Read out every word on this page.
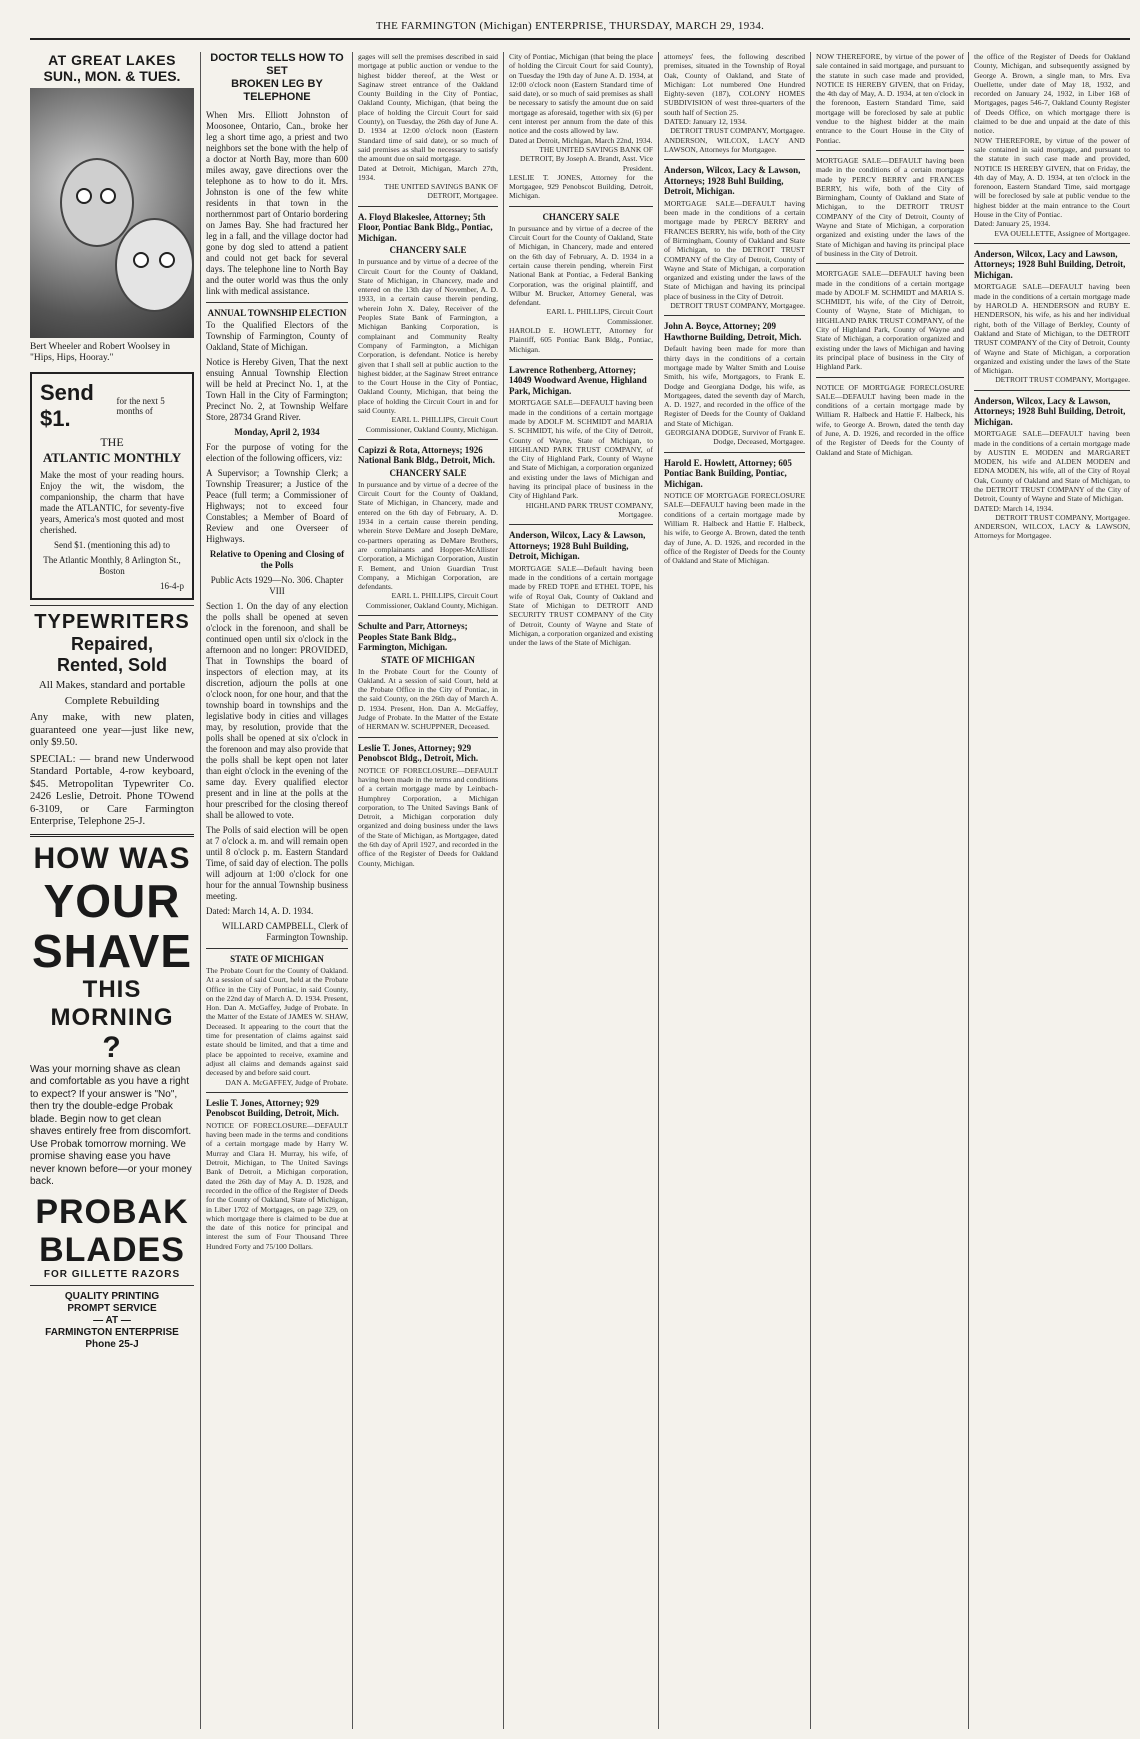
THE FARMINGTON (Michigan) ENTERPRISE, THURSDAY, MARCH 29, 1934.
AT GREAT LAKES
SUN., MON. & TUES.
Bert Wheeler and Robert Woolsey in "Hips, Hips, Hooray."
Send $1.
for the next 5 months of
THE
ATLANTIC MONTHLY

Make the most of your reading hours. Enjoy the wit, the wisdom, the companionship, the charm that have made the ATLANTIC, for seventy-five years, America's most quoted and most cherished.

Send $1. (mentioning this ad) to

The Atlantic Monthly, 8 Arlington St., Boston

16-4-p

TYPEWRITERS
Repaired,
Rented, Sold

All Makes, standard and portable

Complete Rebuilding

Any make, with new platen, guaranteed one year—just like new, only $9.50.

SPECIAL: — brand new Underwood Standard Portable, 4-row keyboard, $45. Metropolitan Typewriter Co. 2426 Leslie, Detroit. Phone TOwend 6-3109, or Care Farmington Enterprise, Telephone 25-J.

HOW WAS
YOUR
SHAVE
THIS MORNING
?

Was your morning shave as clean and comfortable as you have a right to expect? If your answer is "No", then try the double-edge Probak blade. Begin now to get clean shaves entirely free from discomfort. Use Probak tomorrow morning. We promise shaving ease you have never known before—or your money back.

PROBAK
BLADES
FOR GILLETTE RAZORS
QUALITY PRINTING
PROMPT SERVICE
— AT —
FARMINGTON ENTERPRISE
Phone 25-J
DOCTOR TELLS HOW TO SET
BROKEN LEG BY TELEPHONE

When Mrs. Elliott Johnston of Moosonee, Ontario, Can., broke her leg a short time ago, a priest and two neighbors set the bone with the help of a doctor at North Bay, more than 600 miles away, gave directions over the telephone as to how to do it. Mrs. Johnston is one of the few white residents in that town in the northernmost part of Ontario bordering on James Bay. She had fractured her leg in a fall, and the village doctor had gone by dog sled to attend a patient and could not get back for several days. The telephone line to North Bay and the outer world was thus the only link with medical assistance.

ANNUAL TOWNSHIP ELECTION

To the Qualified Electors of the Township of Farmington, County of Oakland, State of Michigan.

Notice is Hereby Given, That the next ensuing Annual Township Election will be held at Precinct No. 1, at the Town Hall in the City of Farmington; Precinct No. 2, at Township Welfare Store, 28734 Grand River.

Monday, April 2, 1934

For the purpose of voting for the election of the following officers, viz:

A Supervisor; a Township Clerk; a Township Treasurer; a Justice of the Peace (full term; a Commissioner of Highways; not to exceed four Constables; a Member of Board of Review and one Overseer of Highways.

Relative to Opening and Closing of the Polls

Public Acts 1929—No. 306. Chapter VIII

Section 1. On the day of any election the polls shall be opened at seven o'clock in the forenoon, and shall be continued open until six o'clock in the afternoon and no longer: PROVIDED, That in Townships the board of inspectors of election may, at its discretion, adjourn the polls at one o'clock noon, for one hour, and that the township board in townships and the legislative body in cities and villages may, by resolution, provide that the polls shall be opened at six o'clock in the forenoon and may also provide that the polls shall be kept open not later than eight o'clock in the evening of the same day. Every qualified elector present and in line at the polls at the hour prescribed for the closing thereof shall be allowed to vote.

The Polls of said election will be open at 7 o'clock a. m. and will remain open until 8 o'clock p. m. Eastern Standard Time, of said day of election. The polls will adjourn at 1:00 o'clock for one hour for the annual Township business meeting.

Dated: March 14, A. D. 1934.

WILLARD CAMPBELL, Clerk of Farmington Township.

STATE OF MICHIGAN

The Probate Court for the County of Oakland. At a session of said Court, held at the Probate Office in the City of Pontiac, in said County, on the 22nd day of March A. D. 1934. Present, Hon. Dan A. McGaffey, Judge of Probate. In the Matter of the Estate of JAMES W. SHAW, Deceased. It appearing to the court that the time for presentation of claims against said estate should be limited, and that a time and place be appointed to receive, examine and adjust all claims and demands against said deceased by and before said court.

DAN A. McGAFFEY, Judge of Probate.

Leslie T. Jones, Attorney; 929 Penobscot Building, Detroit, Mich.

NOTICE OF FORECLOSURE—DEFAULT having been made in the terms and conditions of a certain mortgage made by Harry W. Murray and Clara H. Murray, his wife, of Detroit, Michigan, to The United Savings Bank of Detroit, a Michigan corporation, dated the 26th day of May A. D. 1928, and recorded in the office of the Register of Deeds for the County of Oakland, State of Michigan, in Liber 1702 of Mortgages, on page 329, on which mortgage there is claimed to be due at the date of this notice for principal and interest the sum of Four Thousand Three Hundred Forty and 75/100 Dollars.

gages will sell the premises described in said mortgage at public auction or vendue to the highest bidder thereof, at the West or Saginaw street entrance of the Oakland County Building in the City of Pontiac, Oakland County, Michigan, (that being the place of holding the Circuit Court for said County), on Tuesday, the 26th day of June A. D. 1934 at 12:00 o'clock noon (Eastern Standard time of said date), or so much of said premises as shall be necessary to satisfy the amount due on said mortgage.

Dated at Detroit, Michigan, March 27th, 1934.

THE UNITED SAVINGS BANK OF DETROIT, Mortgagee.

A. Floyd Blakeslee, Attorney; 5th Floor, Pontiac Bank Bldg., Pontiac, Michigan.
CHANCERY SALE

In pursuance and by virtue of a decree of the Circuit Court for the County of Oakland, State of Michigan, in Chancery, made and entered on the 13th day of November, A. D. 1933, in a certain cause therein pending, wherein John X. Daley, Receiver of the Peoples State Bank of Farmington, a Michigan Banking Corporation, is complainant and Community Realty Company of Farmington, a Michigan Corporation, is defendant. Notice is hereby given that I shall sell at public auction to the highest bidder, at the Saginaw Street entrance to the Court House in the City of Pontiac, Oakland County, Michigan, that being the place of holding the Circuit Court in and for said County.

EARL L. PHILLIPS, Circuit Court Commissioner, Oakland County, Michigan.

Capizzi & Rota, Attorneys; 1926 National Bank Bldg., Detroit, Mich.
CHANCERY SALE

In pursuance and by virtue of a decree of the Circuit Court for the County of Oakland, State of Michigan, in Chancery, made and entered on the 6th day of February, A. D. 1934 in a certain cause therein pending, wherein Steve DeMare and Joseph DeMare, co-partners operating as DeMare Brothers, are complainants and Hopper-McAllister Corporation, a Michigan Corporation, Austin F. Bement, and Union Guardian Trust Company, a Michigan Corporation, are defendants.

EARL L. PHILLIPS, Circuit Court Commissioner, Oakland County, Michigan.

Schulte and Parr, Attorneys; Peoples State Bank Bldg., Farmington, Michigan.
STATE OF MICHIGAN

In the Probate Court for the County of Oakland. At a session of said Court, held at the Probate Office in the City of Pontiac, in the said County, on the 26th day of March A. D. 1934. Present, Hon. Dan A. McGaffey, Judge of Probate. In the Matter of the Estate of HERMAN W. SCHUPPNER, Deceased.

Leslie T. Jones, Attorney; 929 Penobscot Bldg., Detroit, Mich.

NOTICE OF FORECLOSURE—DEFAULT having been made in the terms and conditions of a certain mortgage made by Leinbach-Humphrey Corporation, a Michigan corporation, to The United Savings Bank of Detroit, a Michigan corporation duly organized and doing business under the laws of the State of Michigan, as Mortgagee, dated the 6th day of April 1927, and recorded in the office of the Register of Deeds for Oakland County, Michigan.

City of Pontiac, Michigan (that being the place of holding the Circuit Court for said County), on Tuesday the 19th day of June A. D. 1934, at 12:00 o'clock noon (Eastern Standard time of said date), or so much of said premises as shall be necessary to satisfy the amount due on said mortgage as aforesaid, together with six (6) per cent interest per annum from the date of this notice and the costs allowed by law.

Dated at Detroit, Michigan, March 22nd, 1934.

THE UNITED SAVINGS BANK OF DETROIT, By Joseph A. Brandt, Asst. Vice President.

LESLIE T. JONES, Attorney for the Mortgagee, 929 Penobscot Building, Detroit, Michigan.

CHANCERY SALE

In pursuance and by virtue of a decree of the Circuit Court for the County of Oakland, State of Michigan, in Chancery, made and entered on the 6th day of February, A. D. 1934 in a certain cause therein pending, wherein First National Bank at Pontiac, a Federal Banking Corporation, was the original plaintiff, and Wilbur M. Brucker, Attorney General, was defendant.

EARL L. PHILLIPS, Circuit Court Commissioner.

HAROLD E. HOWLETT, Attorney for Plaintiff, 605 Pontiac Bank Bldg., Pontiac, Michigan.

Lawrence Rothenberg, Attorney; 14049 Woodward Avenue, Highland Park, Michigan.

MORTGAGE SALE—DEFAULT having been made in the conditions of a certain mortgage made by ADOLF M. SCHMIDT and MARIA S. SCHMIDT, his wife, of the City of Detroit, County of Wayne, State of Michigan, to HIGHLAND PARK TRUST COMPANY, of the City of Highland Park, County of Wayne and State of Michigan, a corporation organized and existing under the laws of Michigan and having its principal place of business in the City of Highland Park.

HIGHLAND PARK TRUST COMPANY, Mortgagee.

Anderson, Wilcox, Lacy & Lawson, Attorneys; 1928 Buhl Building, Detroit, Michigan.

MORTGAGE SALE—Default having been made in the conditions of a certain mortgage made by FRED TOPE and ETHEL TOPE, his wife of Royal Oak, County of Oakland and State of Michigan to DETROIT AND SECURITY TRUST COMPANY of the City of Detroit, County of Wayne and State of Michigan, a corporation organized and existing under the laws of the State of Michigan.

attorneys' fees, the following described premises, situated in the Township of Royal Oak, County of Oakland, and State of Michigan: Lot numbered One Hundred Eighty-seven (187), COLONY HOMES SUBDIVISION of west three-quarters of the south half of Section 25.

DATED: January 12, 1934.

DETROIT TRUST COMPANY, Mortgagee.

ANDERSON, WILCOX, LACY AND LAWSON, Attorneys for Mortgagee.

Anderson, Wilcox, Lacy & Lawson, Attorneys; 1928 Buhl Building, Detroit, Michigan.

MORTGAGE SALE—DEFAULT having been made in the conditions of a certain mortgage made by PERCY BERRY and FRANCES BERRY, his wife, both of the City of Birmingham, County of Oakland and State of Michigan, to the DETROIT TRUST COMPANY of the City of Detroit, County of Wayne and State of Michigan, a corporation organized and existing under the laws of the State of Michigan and having its principal place of business in the City of Detroit.

DETROIT TRUST COMPANY, Mortgagee.

John A. Boyce, Attorney; 209 Hawthorne Building, Detroit, Mich.

Default having been made for more than thirty days in the conditions of a certain mortgage made by Walter Smith and Louise Smith, his wife, Mortgagors, to Frank E. Dodge and Georgiana Dodge, his wife, as Mortgagees, dated the seventh day of March, A. D. 1927, and recorded in the office of the Register of Deeds for the County of Oakland and State of Michigan.

GEORGIANA DODGE, Survivor of Frank E. Dodge, Deceased, Mortgagee.

Harold E. Howlett, Attorney; 605 Pontiac Bank Building, Pontiac, Michigan.

NOTICE OF MORTGAGE FORECLOSURE SALE—DEFAULT having been made in the conditions of a certain mortgage made by William R. Halbeck and Hattie F. Halbeck, his wife, to George A. Brown, dated the tenth day of June, A. D. 1926, and recorded in the office of the Register of Deeds for the County of Oakland and State of Michigan.

the office of the Register of Deeds for Oakland County, Michigan, and subsequently assigned by George A. Brown, a single man, to Mrs. Eva Ouellette, under date of May 18, 1932, and recorded on January 24, 1932, in Liber 168 of Mortgages, pages 546-7, Oakland County Register of Deeds Office, on which mortgage there is claimed to be due and unpaid at the date of this notice.

NOW THEREFORE, by virtue of the power of sale contained in said mortgage, and pursuant to the statute in such case made and provided, NOTICE IS HEREBY GIVEN, that on Friday, the 4th day of May, A. D. 1934, at ten o'clock in the forenoon, Eastern Standard Time, said mortgage will be foreclosed by sale at public vendue to the highest bidder at the main entrance to the Court House in the City of Pontiac.

Dated: January 25, 1934.

EVA OUELLETTE, Assignee of Mortgagee.

Anderson, Wilcox, Lacy and Lawson, Attorneys; 1928 Buhl Building, Detroit, Michigan.

MORTGAGE SALE—DEFAULT having been made in the conditions of a certain mortgage made by HAROLD A. HENDERSON and RUBY E. HENDERSON, his wife, as his and her individual right, both of the Village of Berkley, County of Oakland and State of Michigan, to the DETROIT TRUST COMPANY of the City of Detroit, County of Wayne and State of Michigan, a corporation organized and existing under the laws of the State of Michigan.

DETROIT TRUST COMPANY, Mortgagee.

Anderson, Wilcox, Lacy & Lawson, Attorneys; 1928 Buhl Building, Detroit, Michigan.

MORTGAGE SALE—DEFAULT having been made in the conditions of a certain mortgage made by AUSTIN E. MODEN and MARGARET MODEN, his wife and ALDEN MODEN and EDNA MODEN, his wife, all of the City of Royal Oak, County of Oakland and State of Michigan, to the DETROIT TRUST COMPANY of the City of Detroit, County of Wayne and State of Michigan.

DATED: March 14, 1934.

DETROIT TRUST COMPANY, Mortgagee.

ANDERSON, WILCOX, LACY & LAWSON, Attorneys for Mortgagee.

NOW THEREFORE, by virtue of the power of sale contained in said mortgage, and pursuant to the statute in such case made and provided, NOTICE IS HEREBY GIVEN, that on Friday, the 4th day of May, A. D. 1934, at ten o'clock in the forenoon, Eastern Standard Time, said mortgage will be foreclosed by sale at public vendue to the highest bidder at the main entrance to the Court House in the City of Pontiac.

MORTGAGE SALE—DEFAULT having been made in the conditions of a certain mortgage made by PERCY BERRY and FRANCES BERRY, his wife, both of the City of Birmingham, County of Oakland and State of Michigan, to the DETROIT TRUST COMPANY of the City of Detroit, County of Wayne and State of Michigan, a corporation organized and existing under the laws of the State of Michigan and having its principal place of business in the City of Detroit.

MORTGAGE SALE—DEFAULT having been made in the conditions of a certain mortgage made by ADOLF M. SCHMIDT and MARIA S. SCHMIDT, his wife, of the City of Detroit, County of Wayne, State of Michigan, to HIGHLAND PARK TRUST COMPANY, of the City of Highland Park, County of Wayne and State of Michigan, a corporation organized and existing under the laws of Michigan and having its principal place of business in the City of Highland Park.

NOTICE OF MORTGAGE FORECLOSURE SALE—DEFAULT having been made in the conditions of a certain mortgage made by William R. Halbeck and Hattie F. Halbeck, his wife, to George A. Brown, dated the tenth day of June, A. D. 1926, and recorded in the office of the Register of Deeds for the County of Oakland and State of Michigan.
